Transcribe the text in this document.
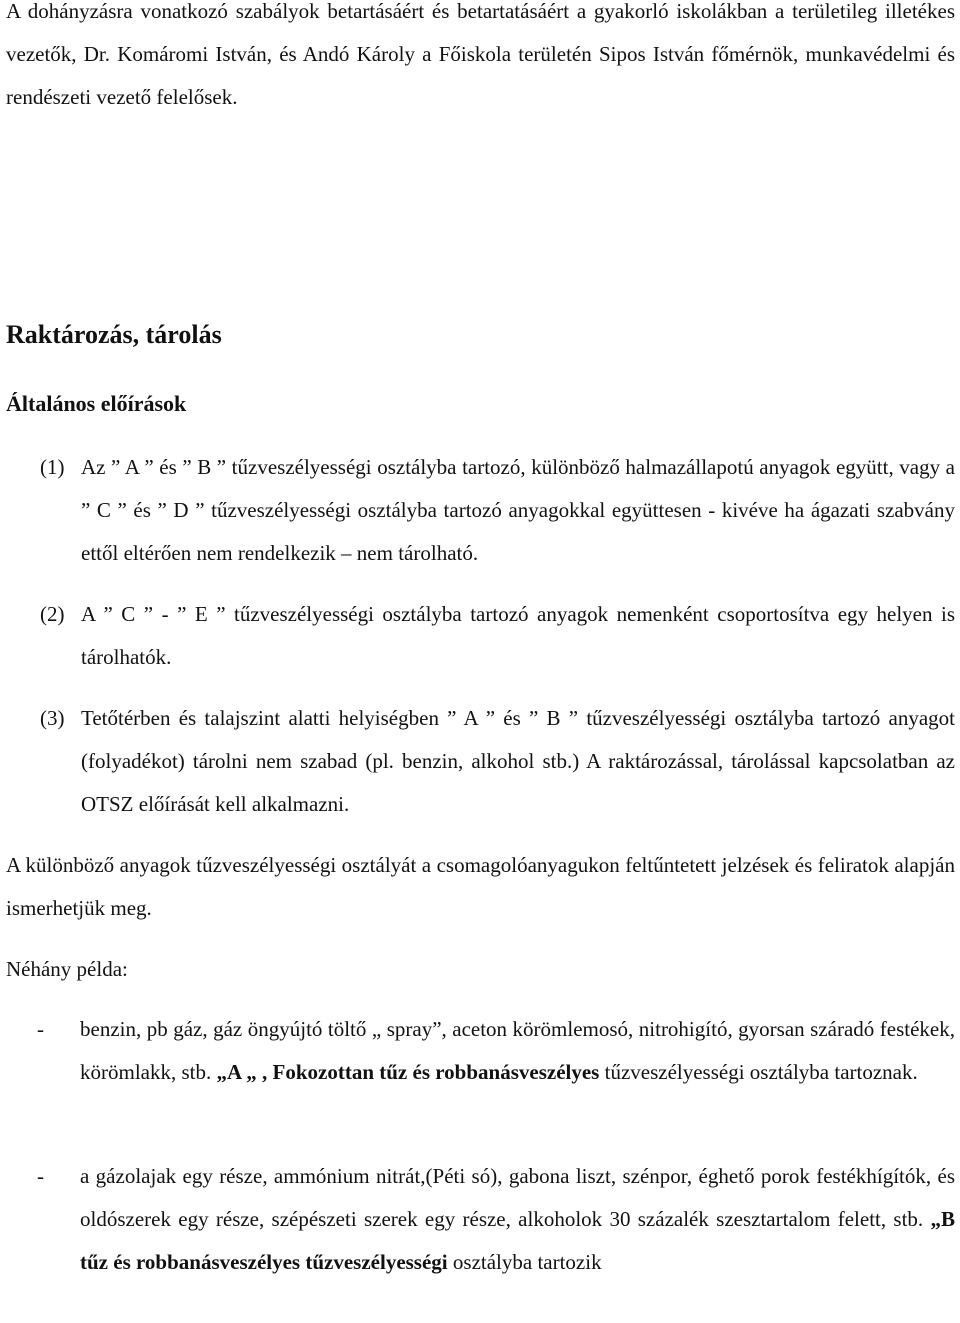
A dohányzásra vonatkozó szabályok betartásáért és betartatásáért a gyakorló iskolákban a területileg illetékes vezetők, Dr. Komáromi István, és Andó Károly a Főiskola területén Sipos István főmérnök, munkavédelmi és rendészeti vezető felelősek.

Raktározás, tárolás
Általános előírások
(1) Az ” A ” és ” B ” tűzveszélyességi osztályba tartozó, különböző halmazállapotú anyagok együtt, vagy a ” C ” és ” D ” tűzveszélyességi osztályba tartozó anyagokkal együttesen - kivéve ha ágazati szabvány ettől eltérően nem rendelkezik – nem tárolható.
(2) A ” C ” - ” E ” tűzveszélyességi osztályba tartozó anyagok nemenként csoportosítva egy helyen is tárolhatók.
(3) Tetőtérben és talajszint alatti helyiségben ” A ” és ” B ” tűzveszélyességi osztályba tartozó anyagot (folyadékot) tárolni nem szabad (pl. benzin, alkohol stb.) A raktározással, tárolással kapcsolatban az OTSZ előírását kell alkalmazni.

A különböző anyagok tűzveszélyességi osztályát a csomagolóanyagukon feltűntetett jelzések és feliratok alapján ismerhetjük meg.

Néhány példa:

- benzin, pb gáz, gáz öngyújtó töltő „ spray”, aceton körömlemosó, nitrohigító, gyorsan száradó festékek, körömlakk, stb. „A „ , Fokozottan tűz és robbanásveszélyes tűzveszélyességi osztályba tartoznak.
- a gázolajak egy része, ammónium nitrát,(Péti só), gabona liszt, szénpor, éghető porok festékhígítók, és oldószerek egy része, szépészeti szerek egy része, alkoholok 30 százalék szesztartalom felett, stb. „B tűz és robbanásveszélyes tűzveszélyességi osztályba tartozik
